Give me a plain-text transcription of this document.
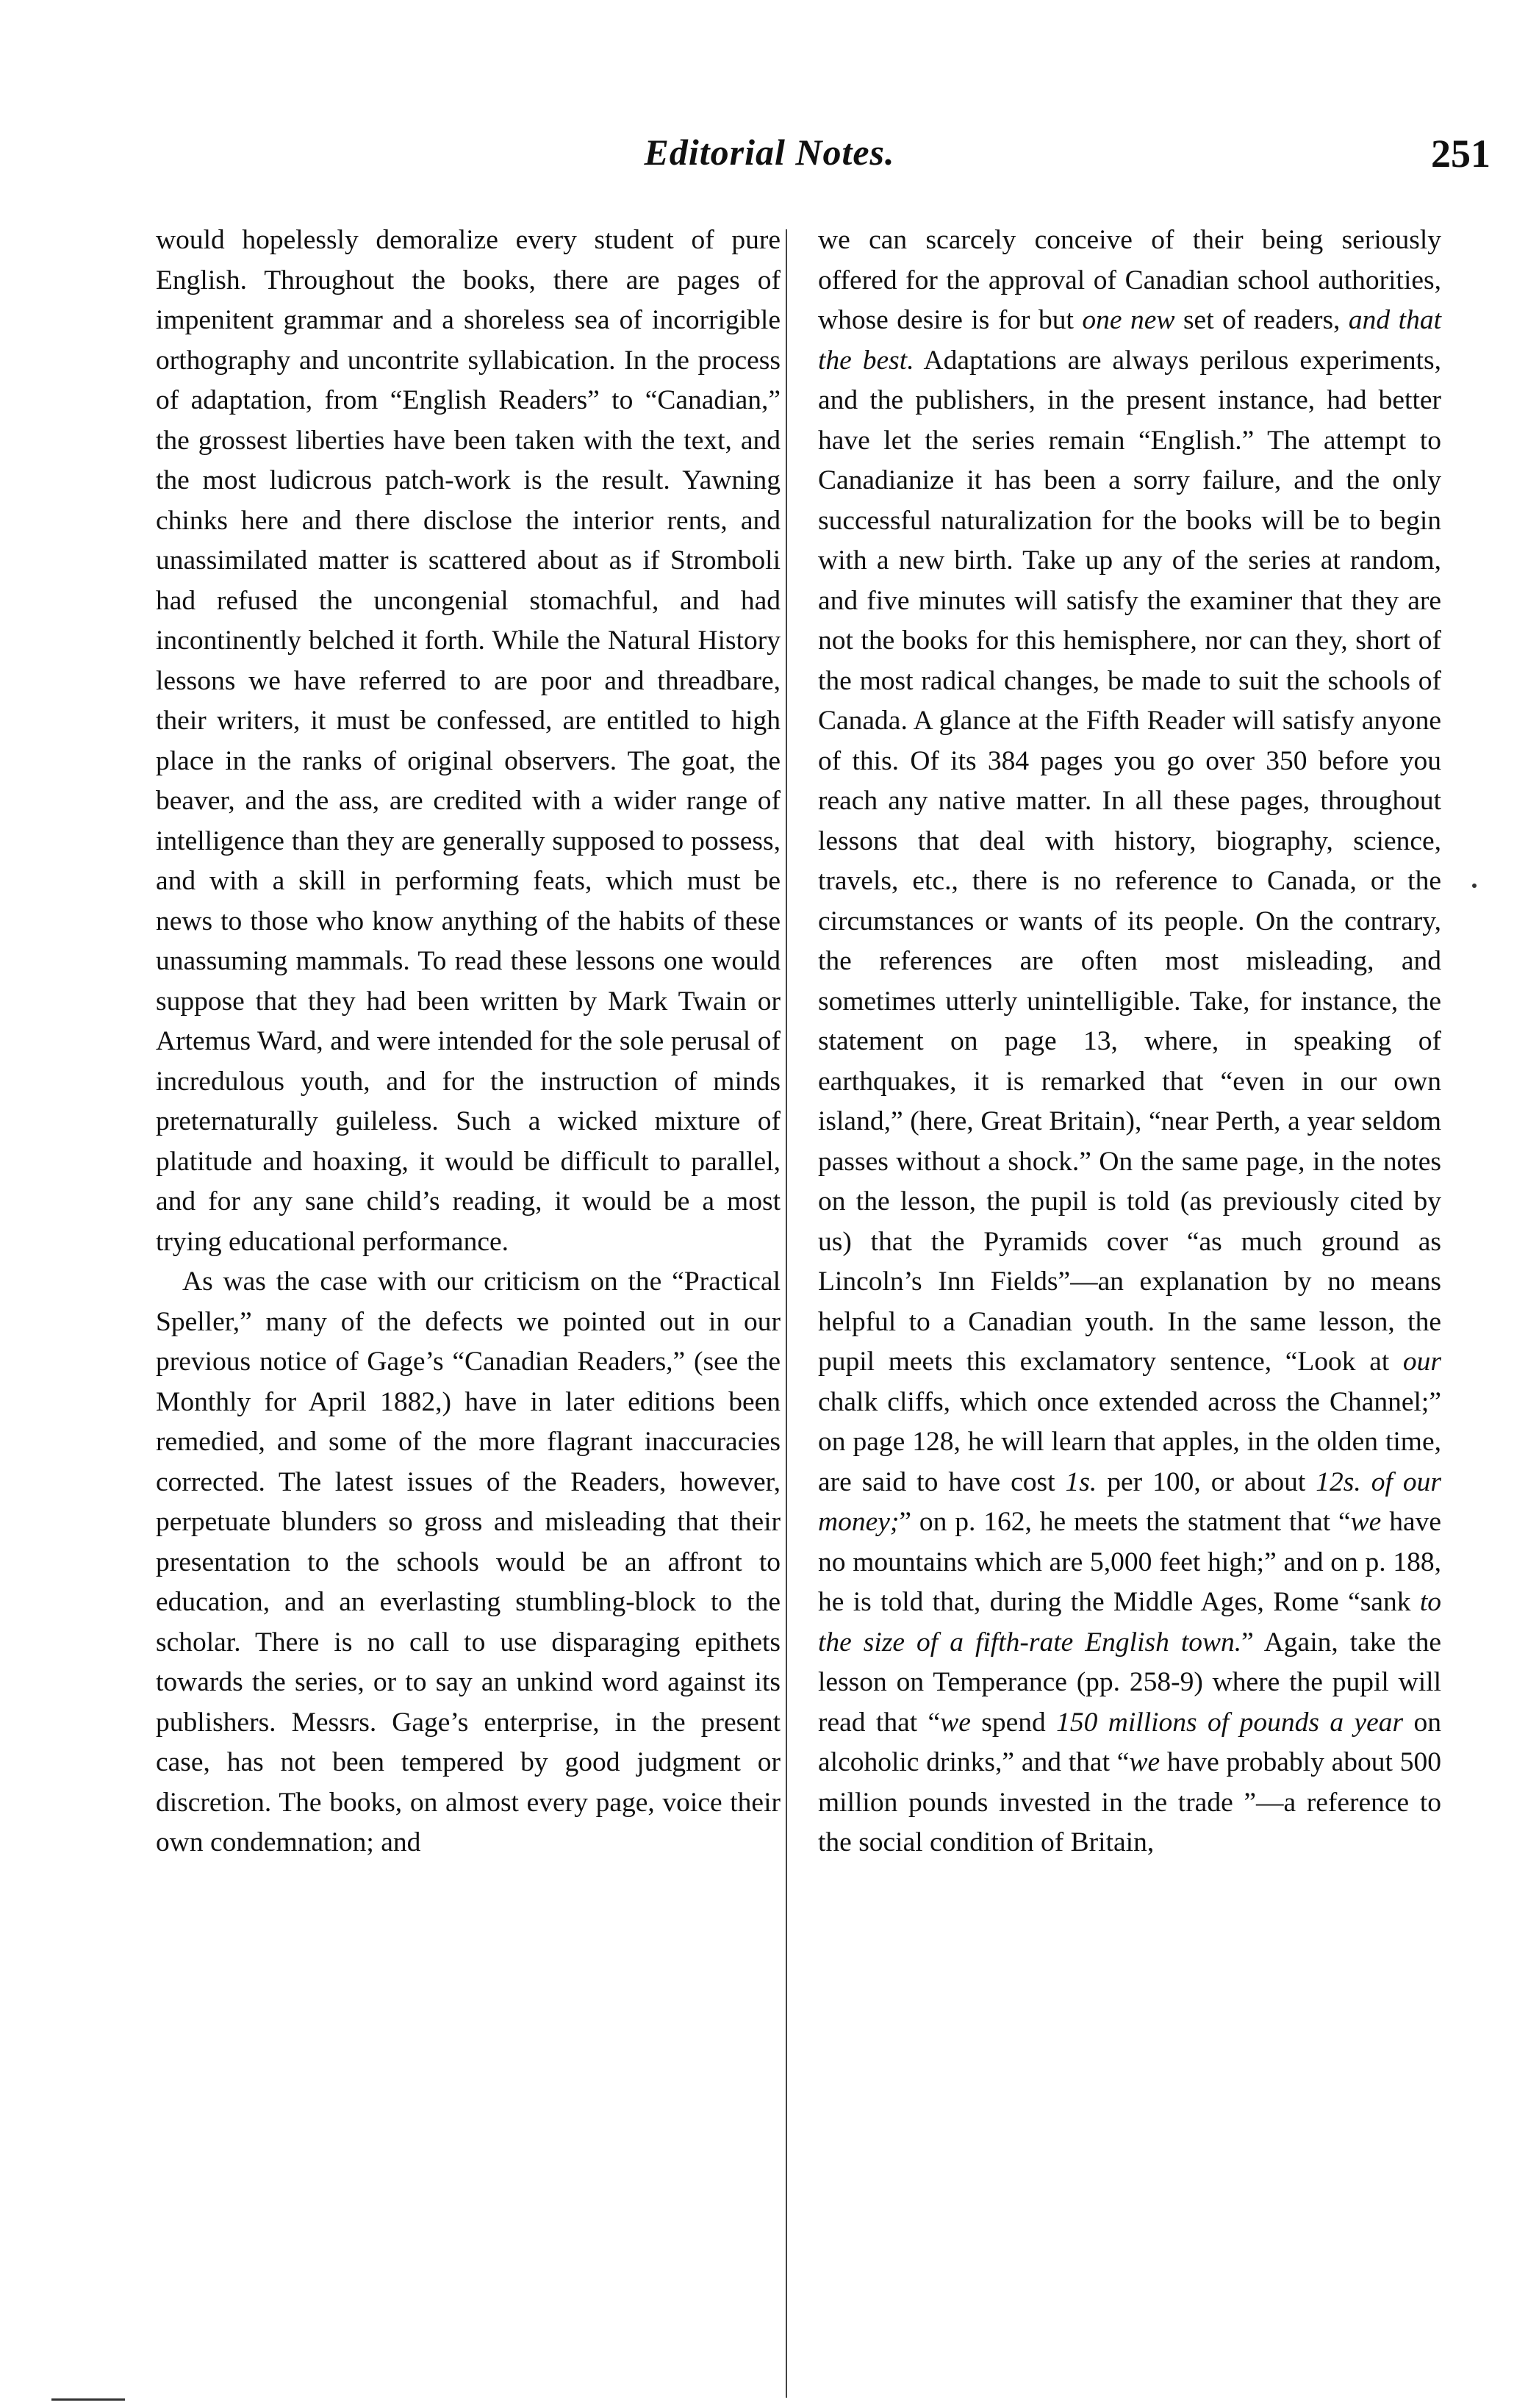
Editorial Notes.	251

would hopelessly demoralize every student of pure English. Throughout the books, there are pages of impenitent grammar and a shoreless sea of incorrigible orthography and uncontrite syllabication. In the process of adaptation, from “English Readers” to “Canadian,” the grossest liberties have been taken with the text, and the most ludicrous patch-work is the result. Yawning chinks here and there disclose the interior rents, and unassimilated matter is scattered about as if Stromboli had refused the uncongenial stomachful, and had incontinently belched it forth. While the Natural History lessons we have referred to are poor and threadbare, their writers, it must be confessed, are entitled to high place in the ranks of original observers. The goat, the beaver, and the ass, are credited with a wider range of intelligence than they are generally supposed to possess, and with a skill in performing feats, which must be news to those who know anything of the habits of these unassuming mammals. To read these lessons one would suppose that they had been written by Mark Twain or Artemus Ward, and were intended for the sole perusal of incredulous youth, and for the instruction of minds preternaturally guileless. Such a wicked mixture of platitude and hoaxing, it would be difficult to parallel, and for any sane child’s reading, it would be a most trying educational performance.

As was the case with our criticism on the “Practical Speller,” many of the defects we pointed out in our previous notice of Gage’s “Canadian Readers,” (see the Monthly for April 1882,) have in later editions been remedied, and some of the more flagrant inaccuracies corrected. The latest issues of the Readers, however, perpetuate blunders so gross and misleading that their presentation to the schools would be an affront to education, and an everlasting stumbling-block to the scholar. There is no call to use disparaging epithets towards the series, or to say an unkind word against its publishers. Messrs. Gage’s enterprise, in the present case, has not been tempered by good judgment or discretion. The books, on almost every page, voice their own condemnation; and

we can scarcely conceive of their being seriously offered for the approval of Canadian school authorities, whose desire is for but one new set of readers, and that the best. Adaptations are always perilous experiments, and the publishers, in the present instance, had better have let the series remain “English.” The attempt to Canadianize it has been a sorry failure, and the only successful naturalization for the books will be to begin with a new birth. Take up any of the series at random, and five minutes will satisfy the examiner that they are not the books for this hemisphere, nor can they, short of the most radical changes, be made to suit the schools of Canada. A glance at the Fifth Reader will satisfy anyone of this. Of its 384 pages you go over 350 before you reach any native matter. In all these pages, throughout lessons that deal with history, biography, science, travels, etc., there is no reference to Canada, or the circumstances or wants of its people. On the contrary, the references are often most misleading, and sometimes utterly unintelligible. Take, for instance, the statement on page 13, where, in speaking of earthquakes, it is remarked that “even in our own island,” (here, Great Britain), “near Perth, a year seldom passes without a shock.” On the same page, in the notes on the lesson, the pupil is told (as previously cited by us) that the Pyramids cover “as much ground as Lincoln’s Inn Fields”—an explanation by no means helpful to a Canadian youth. In the same lesson, the pupil meets this exclamatory sentence, “Look at our chalk cliffs, which once extended across the Channel;” on page 128, he will learn that apples, in the olden time, are said to have cost 1s. per 100, or about 12s. of our money;” on p. 162, he meets the statment that “we have no mountains which are 5,000 feet high;” and on p. 188, he is told that, during the Middle Ages, Rome “sank to the size of a fifth-rate English town.” Again, take the lesson on Temperance (pp. 258-9) where the pupil will read that “we spend 150 millions of pounds a year on alcoholic drinks,” and that “we have probably about 500 million pounds invested in the trade ”—a reference to the social condition of Britain,
